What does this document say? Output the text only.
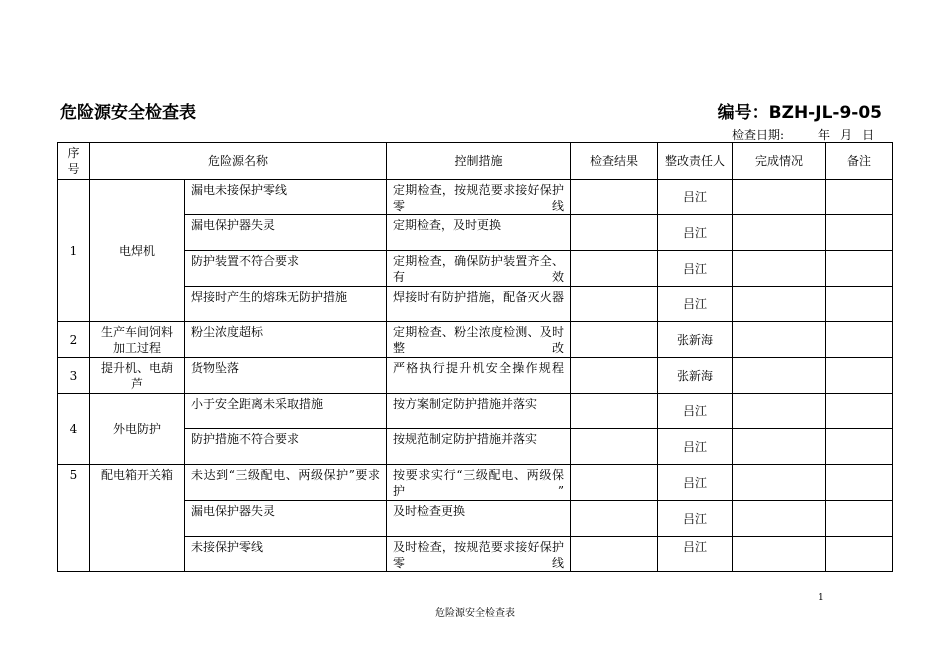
危险源安全检查表	编号：BZH-JL-9-05
检查日期:	年 月 日
序号	危险源名称		控制措施	检查结果	整改责任人	完成情况	备注
1	电焊机	漏电未接保护零线	定期检查，按规范要求接好保护零线		吕江		
		漏电保护器失灵	定期检查，及时更换		吕江		
		防护装置不符合要求	定期检查，确保防护装置齐全、有效		吕江		
		焊接时产生的熔珠无防护措施	焊接时有防护措施，配备灭火器		吕江		
2	生产车间饲料加工过程	粉尘浓度超标	定期检查、粉尘浓度检测、及时整改		张新海		
3	提升机、电葫芦	货物坠落	严格执行提升机安全操作规程		张新海		
4	外电防护	小于安全距离未采取措施	按方案制定防护措施并落实		吕江		
		防护措施不符合要求	按规范制定防护措施并落实		吕江		
5	配电箱开关箱	未达到“三级配电、两级保护”要求	按要求实行“三级配电、两级保护”		吕江		
		漏电保护器失灵	及时检查更换		吕江		
		未接保护零线	及时检查，按规范要求接好保护零线		吕江		
1
危险源安全检查表
